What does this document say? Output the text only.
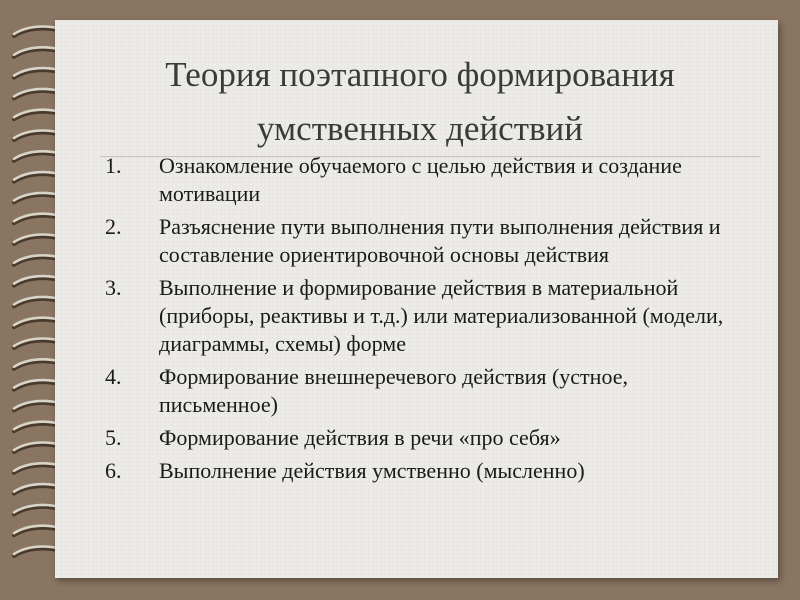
Теория поэтапного формирования
умственных действий
1.	Ознакомление обучаемого с целью действия и создание мотивации
2.	Разъяснение пути выполнения пути выполнения действия и составление ориентировочной основы действия
3.	Выполнение и формирование действия в материальной (приборы, реактивы и т.д.) или материализованной (модели, диаграммы, схемы) форме
4.	Формирование внешнеречевого действия (устное, письменное)
5.	Формирование действия в речи «про себя»
6.	Выполнение действия умственно (мысленно)
